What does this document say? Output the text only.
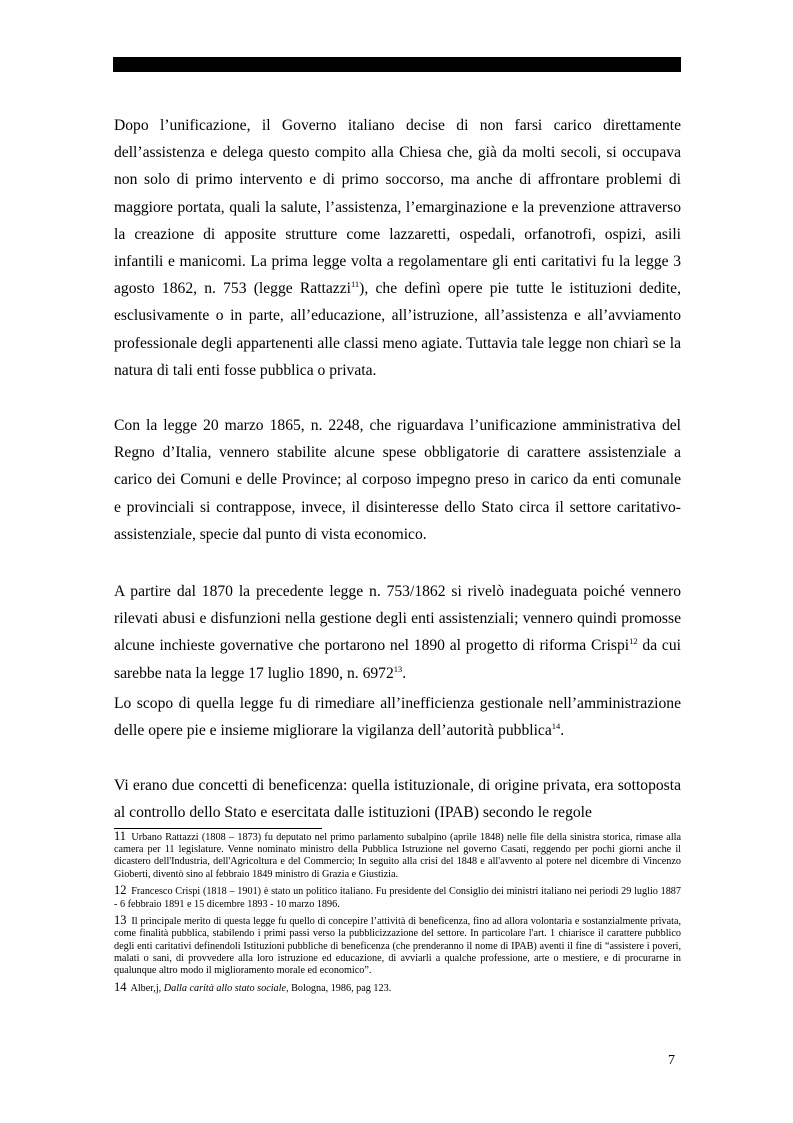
Dopo l’unificazione, il Governo italiano decise di non farsi carico direttamente dell’assistenza e delega questo compito alla Chiesa che, già da molti secoli, si occupava non solo di primo intervento e di primo soccorso, ma anche di affrontare problemi di maggiore portata, quali la salute, l’assistenza, l’emarginazione e la prevenzione attraverso la creazione di apposite strutture come lazzaretti, ospedali, orfanotrofi, ospizi, asili infantili e manicomi. La prima legge volta a regolamentare gli enti caritativi fu la legge 3 agosto 1862, n. 753 (legge Rattazzi$^{11}$), che definì opere pie tutte le istituzioni dedite, esclusivamente o in parte, all’educazione, all’istruzione, all’assistenza e all’avviamento professionale degli appartenenti alle classi meno agiate. Tuttavia tale legge non chiarì se la natura di tali enti fosse pubblica o privata.

Con la legge 20 marzo 1865, n. 2248, che riguardava l’unificazione amministrativa del Regno d’Italia, vennero stabilite alcune spese obbligatorie di carattere assistenziale a carico dei Comuni e delle Province; al corposo impegno preso in carico da enti comunale e provinciali si contrappose, invece, il disinteresse dello Stato circa il settore caritativo-assistenziale, specie dal punto di vista economico.

A partire dal 1870 la precedente legge n. 753/1862 si rivelò inadeguata poiché vennero rilevati abusi e disfunzioni nella gestione degli enti assistenziali; vennero quindi promosse alcune inchieste governative che portarono nel 1890 al progetto di riforma Crispi$^{12}$ da cui sarebbe nata la legge 17 luglio 1890, n. 6972$^{13}$.

Lo scopo di quella legge fu di rimediare all’inefficienza gestionale nell’amministrazione delle opere pie e insieme migliorare la vigilanza dell’autorità pubblica$^{14}$.

Vi erano due concetti di beneficenza: quella istituzionale, di origine privata, era sottoposta al controllo dello Stato e esercitata dalle istituzioni (IPAB) secondo le regole

11 Urbano Rattazzi (1808 – 1873) fu deputato nel primo parlamento subalpino (aprile 1848) nelle file della sinistra storica, rimase alla camera per 11 legislature. Venne nominato ministro della Pubblica Istruzione nel governo Casati, reggendo per pochi giorni anche il dicastero dell'Industria, dell'Agricoltura e del Commercio; In seguito alla crisi del 1848 e all'avvento al potere nel dicembre di Vincenzo Gioberti, diventò sino al febbraio 1849 ministro di Grazia e Giustizia.

12 Francesco Crispi (1818 – 1901) è stato un politico italiano. Fu presidente del Consiglio dei ministri italiano nei periodi 29 luglio 1887 - 6 febbraio 1891 e 15 dicembre 1893 - 10 marzo 1896.

13 Il principale merito di questa legge fu quello di concepire l’attività di beneficenza, fino ad allora volontaria e sostanzialmente privata, come finalità pubblica, stabilendo i primi passi verso la pubblicizzazione del settore. In particolare l'art. 1 chiarisce il carattere pubblico degli enti caritativi definendoli Istituzioni pubbliche di beneficenza (che prenderanno il nome di IPAB) aventi il fine di “assistere i poveri, malati o sani, di provvedere alla loro istruzione ed educazione, di avviarli a qualche professione, arte o mestiere, e di procurarne in qualunque altro modo il miglioramento morale ed economico”.

14 Alber,j, Dalla carità allo stato sociale, Bologna, 1986, pag 123.

7
